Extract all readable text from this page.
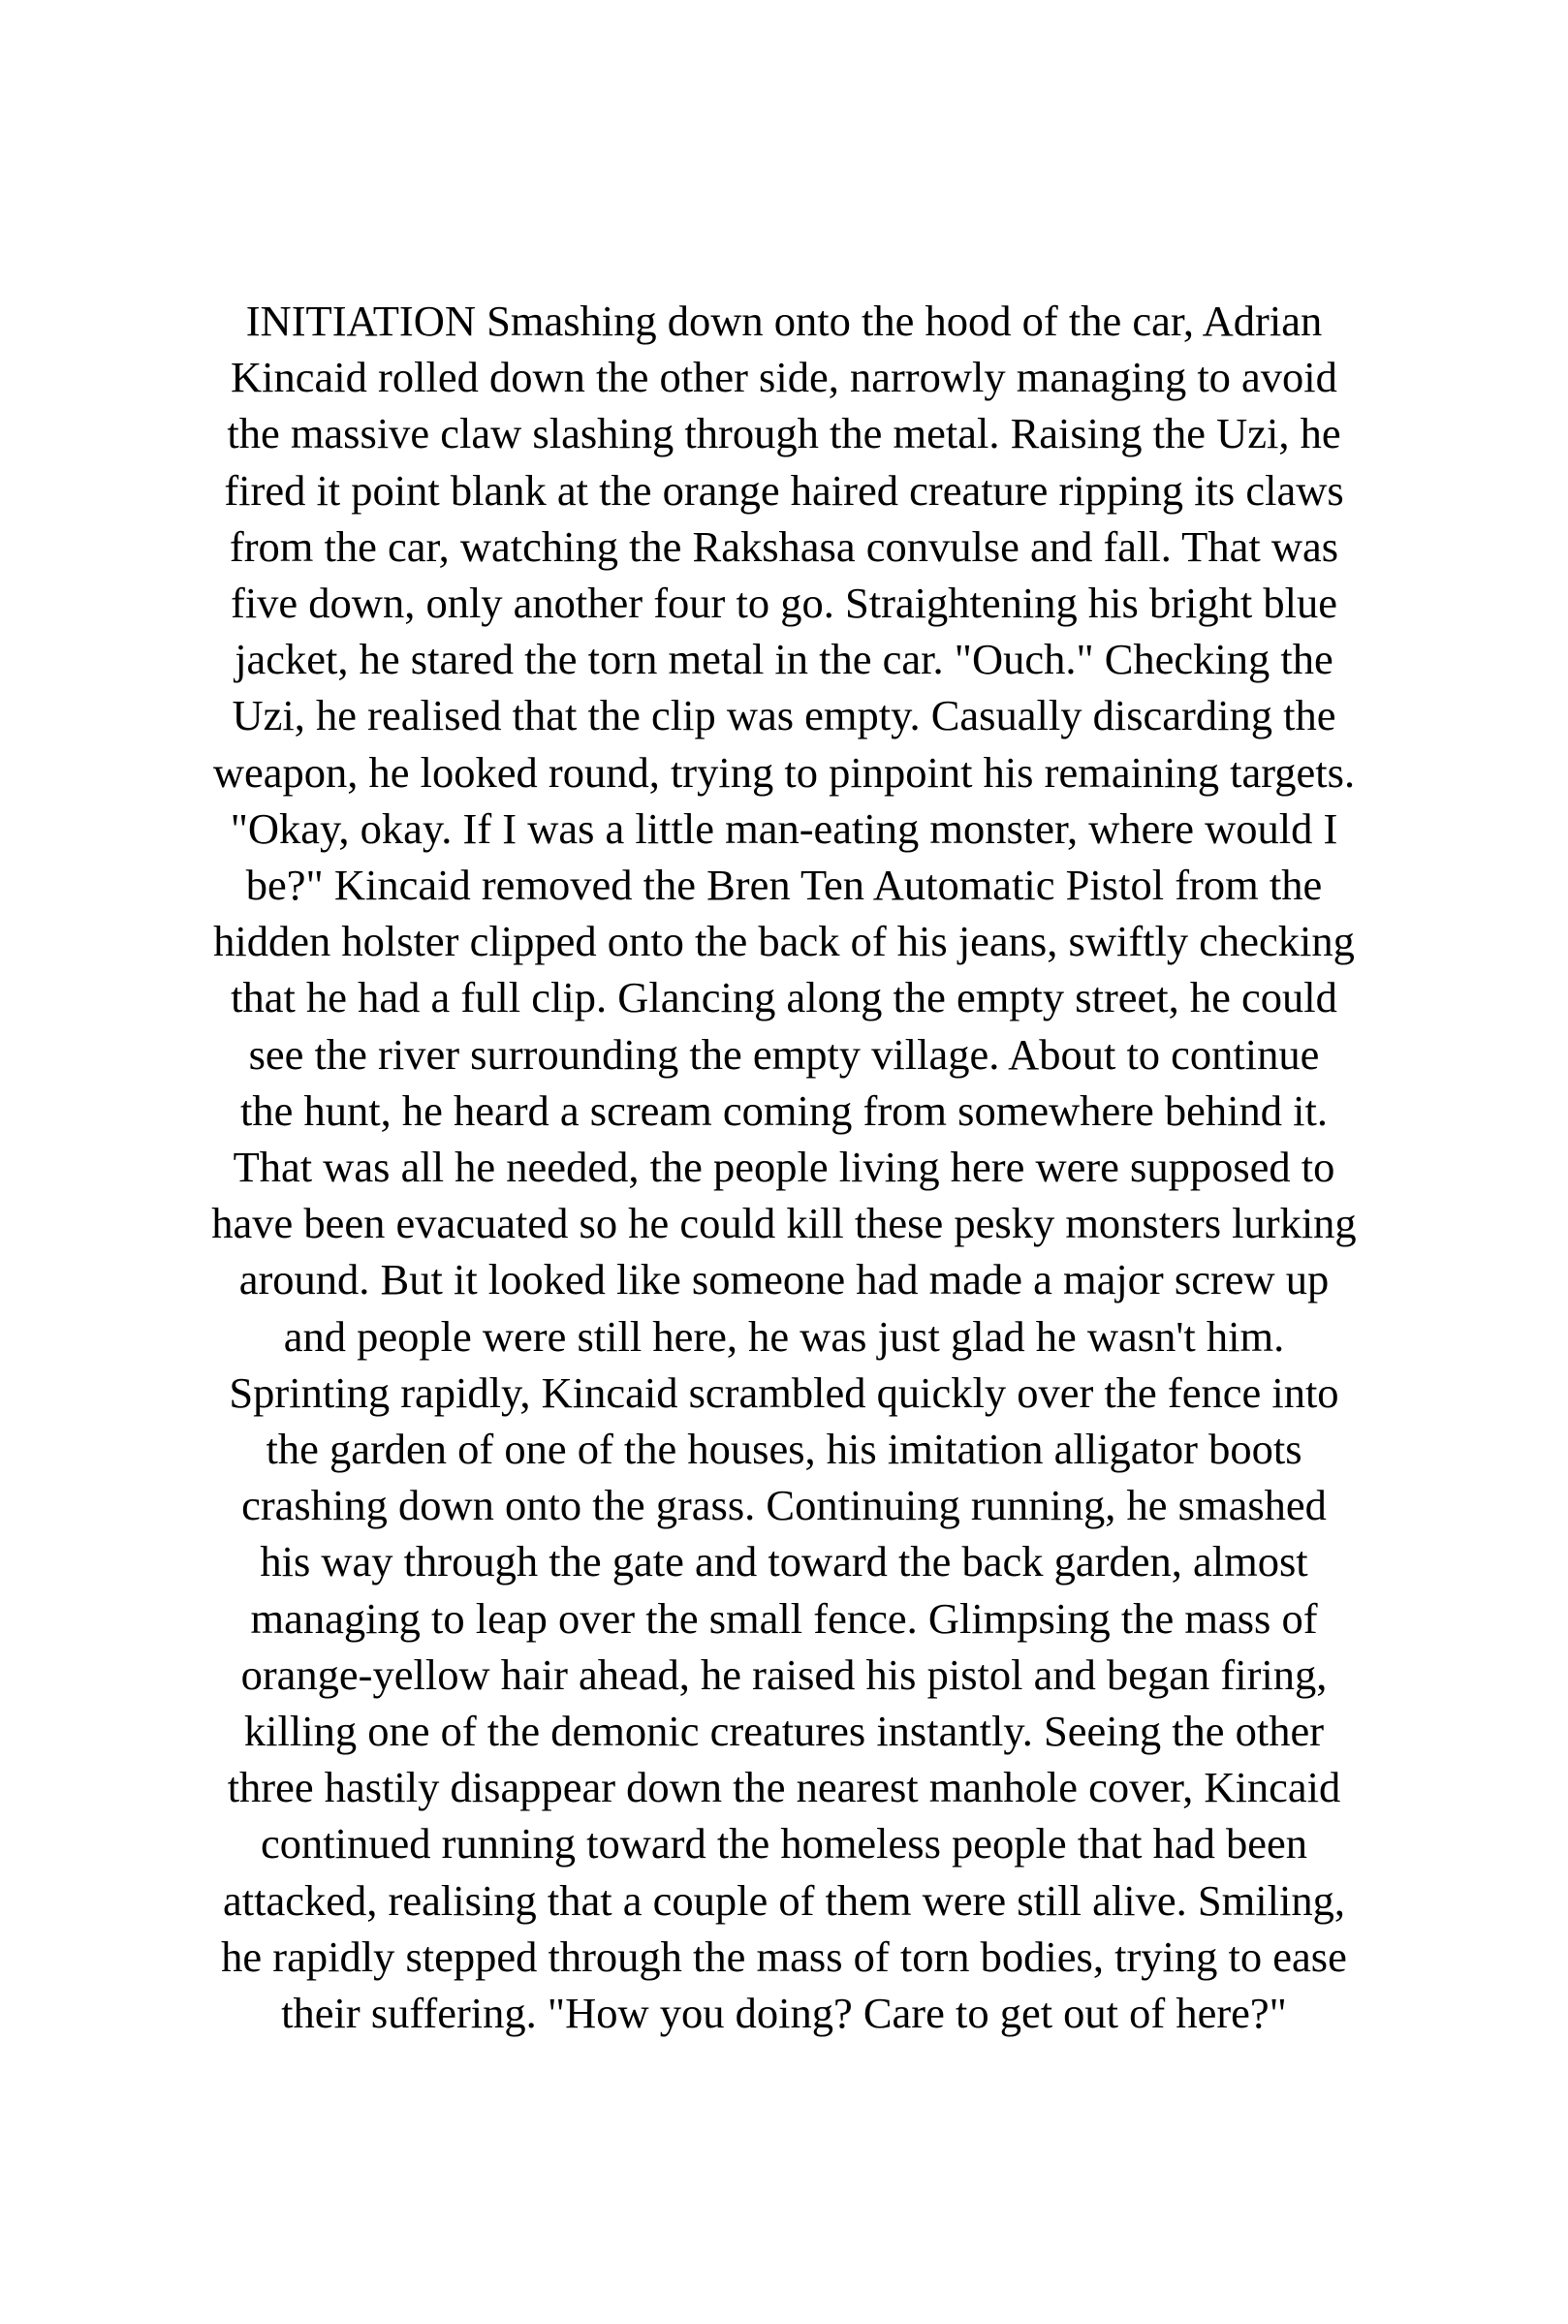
INITIATION Smashing down onto the hood of the car, Adrian
Kincaid rolled down the other side, narrowly managing to avoid
the massive claw slashing through the metal. Raising the Uzi, he
fired it point blank at the orange haired creature ripping its claws
from the car, watching the Rakshasa convulse and fall. That was
five down, only another four to go. Straightening his bright blue
jacket, he stared the torn metal in the car. "Ouch." Checking the
Uzi, he realised that the clip was empty. Casually discarding the
weapon, he looked round, trying to pinpoint his remaining targets.
"Okay, okay. If I was a little man-eating monster, where would I
be?" Kincaid removed the Bren Ten Automatic Pistol from the
hidden holster clipped onto the back of his jeans, swiftly checking
that he had a full clip. Glancing along the empty street, he could
see the river surrounding the empty village. About to continue
the hunt, he heard a scream coming from somewhere behind it.
That was all he needed, the people living here were supposed to
have been evacuated so he could kill these pesky monsters lurking
around. But it looked like someone had made a major screw up
and people were still here, he was just glad he wasn't him.
Sprinting rapidly, Kincaid scrambled quickly over the fence into
the garden of one of the houses, his imitation alligator boots
crashing down onto the grass. Continuing running, he smashed
his way through the gate and toward the back garden, almost
managing to leap over the small fence. Glimpsing the mass of
orange-yellow hair ahead, he raised his pistol and began firing,
killing one of the demonic creatures instantly. Seeing the other
three hastily disappear down the nearest manhole cover, Kincaid
continued running toward the homeless people that had been
attacked, realising that a couple of them were still alive. Smiling,
he rapidly stepped through the mass of torn bodies, trying to ease
their suffering. "How you doing? Care to get out of here?"
